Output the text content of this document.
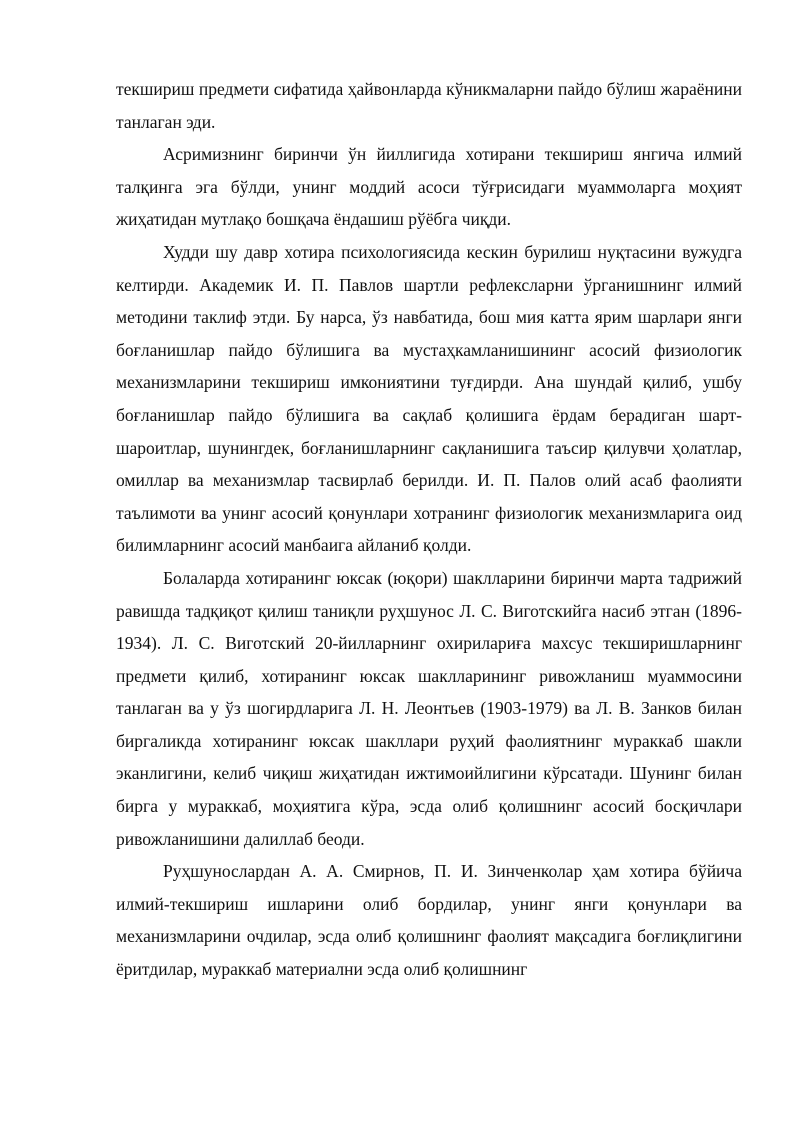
текшириш предмети сифатида ҳайвонларда кўникмаларни пайдо бўлиш жараёнини танлаган эди.

Асримизнинг биринчи ўн йиллигида хотирани текшириш янгича илмий талқинга эга бўлди, унинг моддий асоси тўғрисидаги муаммоларга моҳият жиҳатидан мутлақо бошқача ёндашиш рўёбга чиқди.

Худди шу давр хотира психологиясида кескин бурилиш нуқтасини вужудга келтирди. Академик И. П. Павлов шартли рефлексларни ўрганишнинг илмий методини таклиф этди. Бу нарса, ўз навбатида, бош мия катта ярим шарлари янги боғланишлар пайдо бўлишига ва мустаҳкамланишининг асосий физиологик механизмларини текшириш имкониятини туғдирди. Ана шундай қилиб, ушбу боғланишлар пайдо бўлишига ва сақлаб қолишига ёрдам берадиган шарт-шароитлар, шунингдек, боғланишларнинг сақланишига таъсир қилувчи ҳолатлар, омиллар ва механизмлар тасвирлаб берилди. И. П. Палов олий асаб фаолияти таълимоти ва унинг асосий қонунлари хотранинг физиологик механизмларига оид билимларнинг асосий манбаига айланиб қолди.

Болаларда хотиранинг юксак (юқори) шаклларини биринчи марта тадрижий равишда тадқиқот қилиш таниқли руҳшунос Л. С. Виготскийга насиб этган (1896-1934). Л. С. Виготский 20-йилларнинг охирилариға махсус текширишларнинг предмети қилиб, хотиранинг юксак шаклларининг ривожланиш муаммосини танлаган ва у ўз шогирдларига Л. Н. Леонтьев (1903-1979) ва Л. В. Занков билан биргаликда хотиранинг юксак шакллари руҳий фаолиятнинг мураккаб шакли эканлигини, келиб чиқиш жиҳатидан ижтимоийлигини кўрсатади. Шунинг билан бирга у мураккаб, моҳиятига кўра, эсда олиб қолишнинг асосий босқичлари ривожланишини далиллаб беоди.

Руҳшунослардан А. А. Смирнов, П. И. Зинченколар ҳам хотира бўйича илмий-текшириш ишларини олиб бордилар, унинг янги қонунлари ва механизмларини очдилар, эсда олиб қолишнинг фаолият мақсадига боғлиқлигини ёритдилар, мураккаб материални эсда олиб қолишнинг
